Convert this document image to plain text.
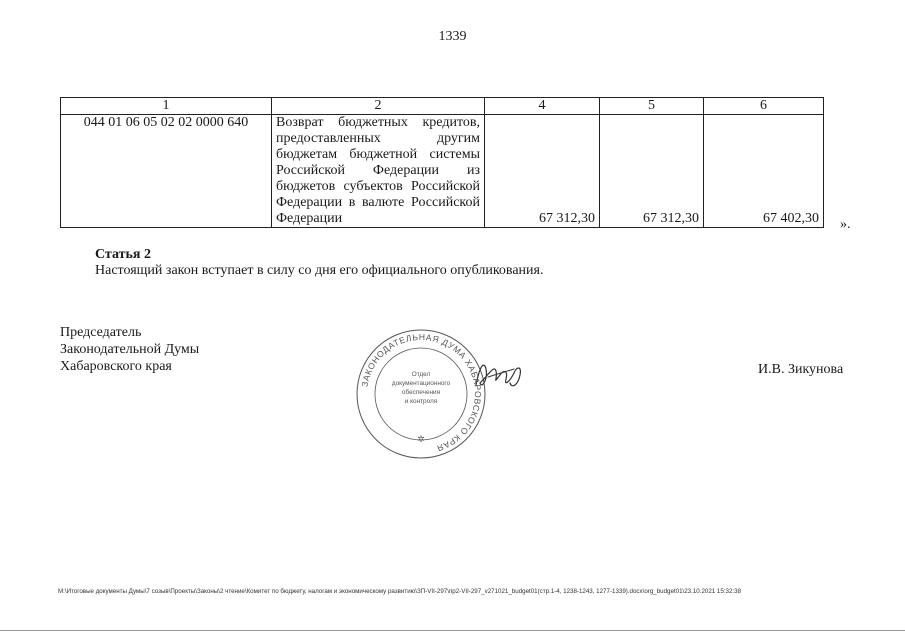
1339
1	2	4	5	6
044 01 06 05 02 02 0000 640	Возврат бюджетных кредитов, предоставленных другим бюджетам бюджетной системы Российской Федерации из бюджетов субъектов Российской Федерации в валюте Российской Федерации	67 312,30	67 312,30	67 402,30 ».
Статья 2
Настоящий закон вступает в силу со дня его официального опубликования.
Председатель
Законодательной Думы
Хабаровского края
ЗАКОНОДАТЕЛЬНАЯ ДУМА ХАБАРОВСКОГО КРАЯ
Отдел
документационного
обеспечения
и контроля
✲
И.В. Зикунова
M:\Итоговые документы Думы\7 созыв\Проекты\Законы\2 чтение\Комитет по бюджету, налогам и экономическому развитию\ЗП-VII-297\пр2-VII-297_v271021_budget01(стр.1-4, 1238-1243, 1277-1339).docx\org_budget01\23.10.2021 15:32:38
